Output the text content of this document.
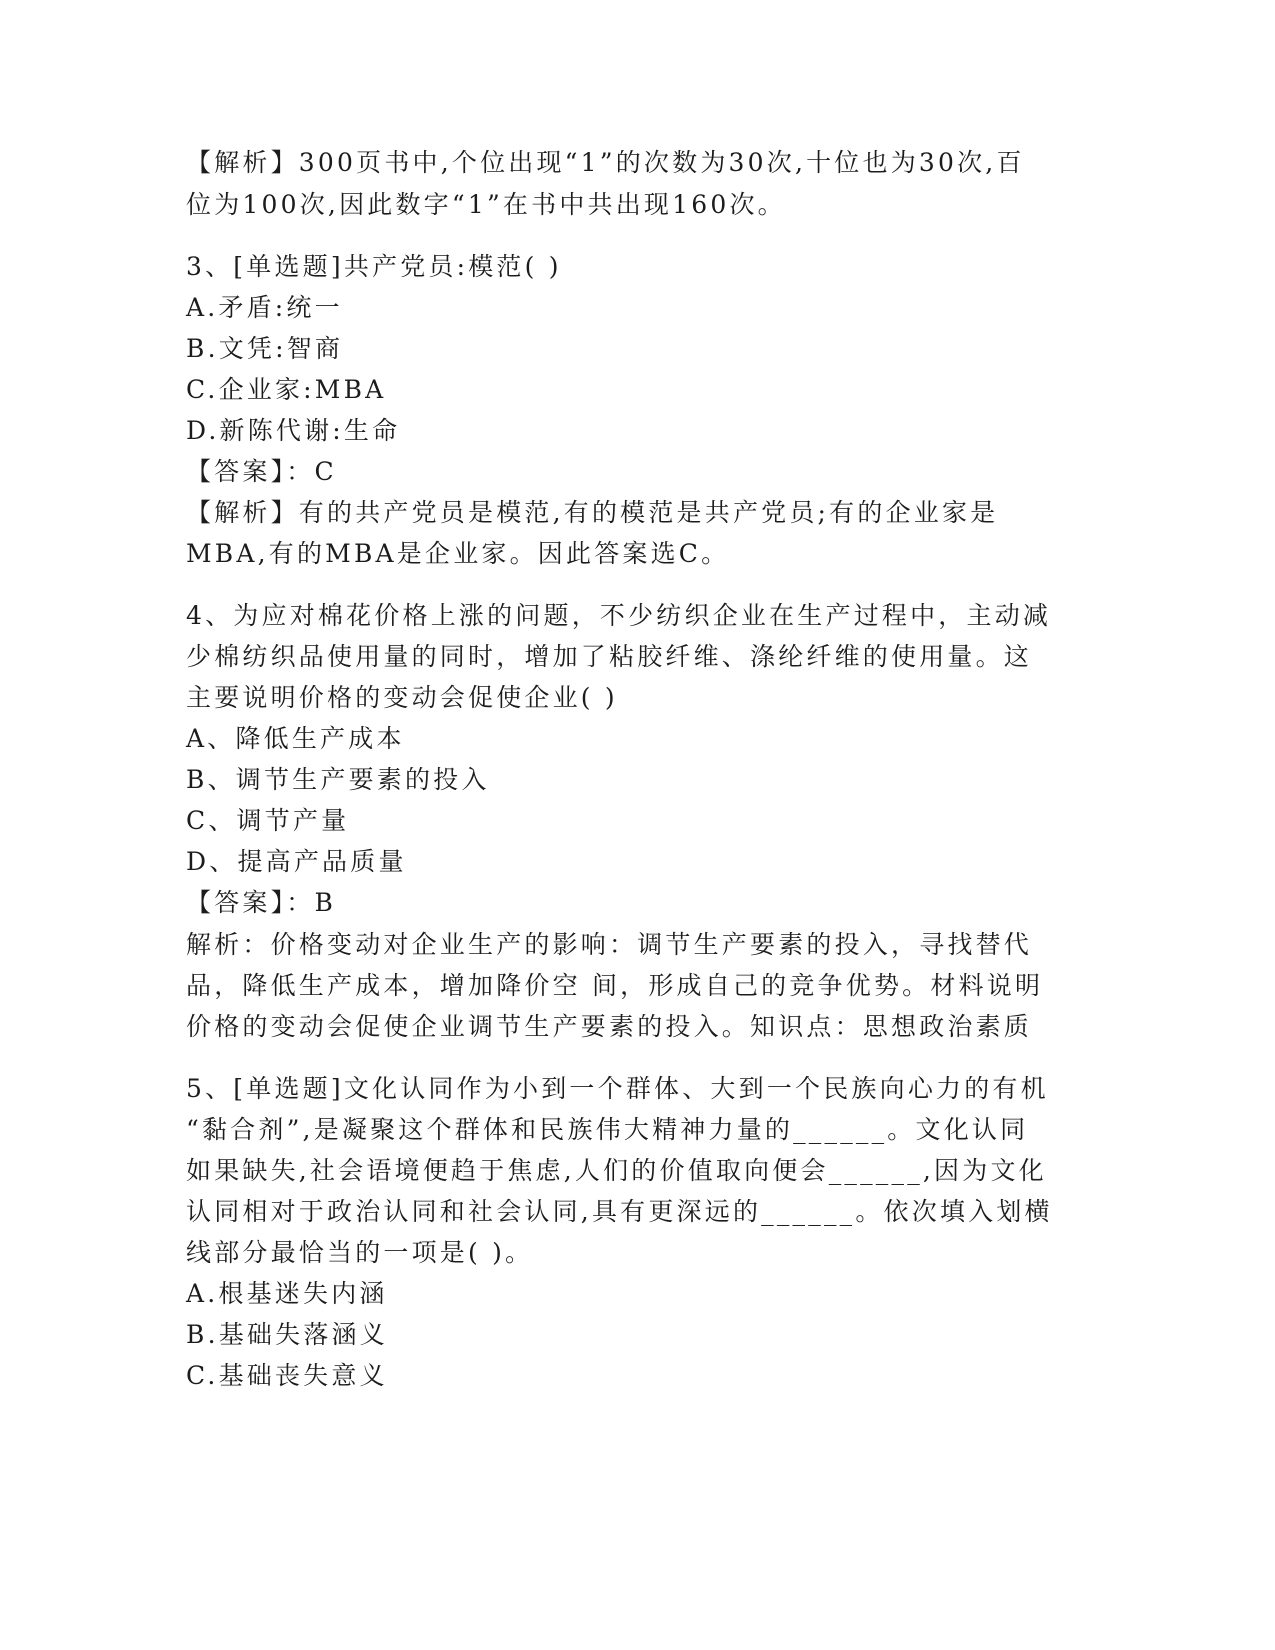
【解析】300页书中,个位出现“1”的次数为30次,十位也为30次,百
位为100次,因此数字“1”在书中共出现160次。
3、[单选题]共产党员:模范( )
A.矛盾:统一
B.文凭:智商
C.企业家:MBA
D.新陈代谢:生命
【答案】：C
【解析】有的共产党员是模范,有的模范是共产党员;有的企业家是
MBA,有的MBA是企业家。因此答案选C。
4、为应对棉花价格上涨的问题，不少纺织企业在生产过程中，主动减
少棉纺织品使用量的同时，增加了粘胶纤维、涤纶纤维的使用量。这
主要说明价格的变动会促使企业( )
A、降低生产成本
B、调节生产要素的投入
C、调节产量
D、提高产品质量
【答案】：B
解析：价格变动对企业生产的影响：调节生产要素的投入，寻找替代
品，降低生产成本，增加降价空 间，形成自己的竞争优势。材料说明
价格的变动会促使企业调节生产要素的投入。知识点：思想政治素质
5、[单选题]文化认同作为小到一个群体、大到一个民族向心力的有机
“黏合剂”,是凝聚这个群体和民族伟大精神力量的______。文化认同
如果缺失,社会语境便趋于焦虑,人们的价值取向便会______,因为文化
认同相对于政治认同和社会认同,具有更深远的______。依次填入划横
线部分最恰当的一项是( )。
A.根基迷失内涵
B.基础失落涵义
C.基础丧失意义
